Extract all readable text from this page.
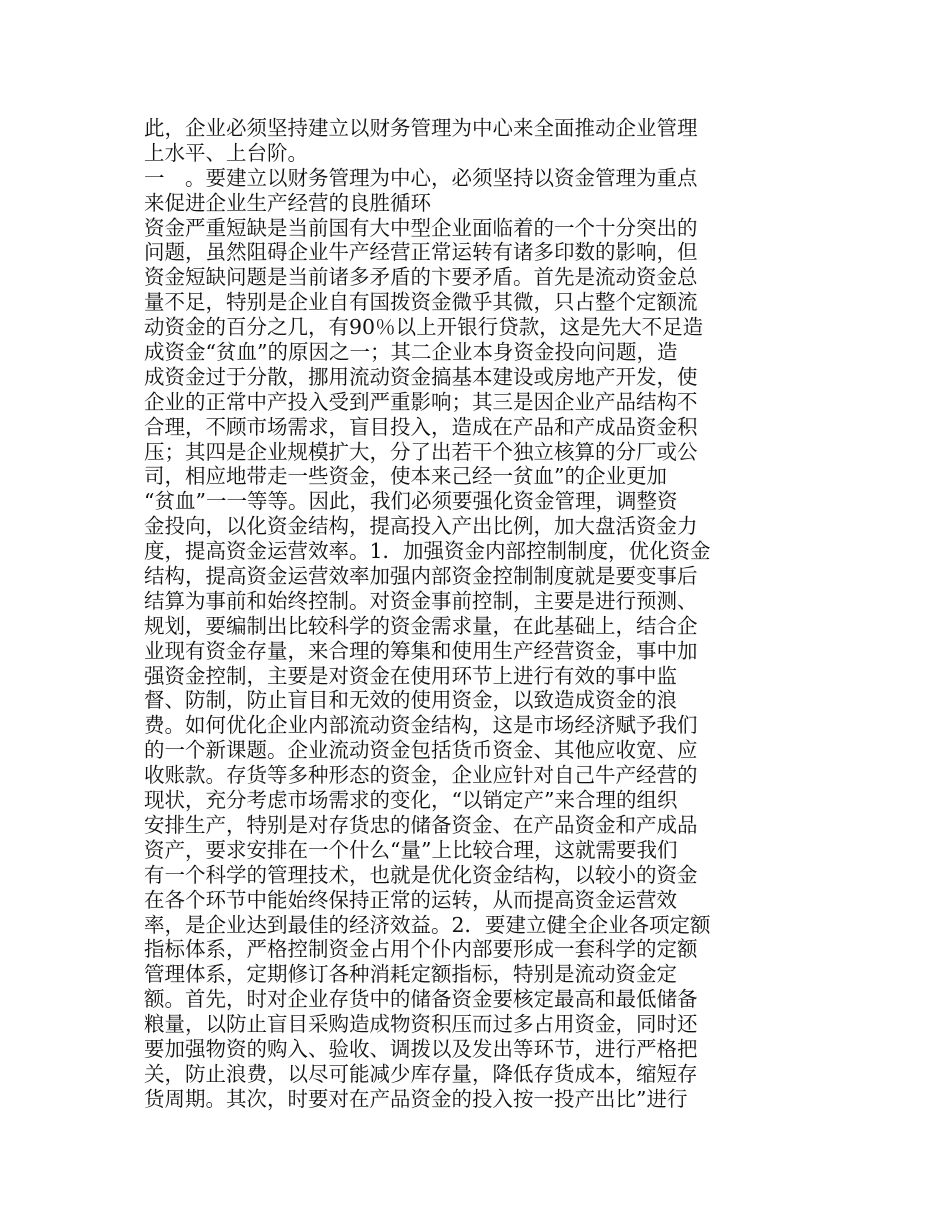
此，企业必须坚持建立以财务管理为中心来全面推动企业管理
上水平、上台阶。
一　。要建立以财务管理为中心，必须坚持以资金管理为重点
来促进企业生产经营的良胜循环
资金严重短缺是当前国有大中型企业面临着的一个十分突出的
问题，虽然阻碍企业牛产经营正常运转有诸多印数的影响，但
资金短缺问题是当前诸多矛盾的卞要矛盾。首先是流动资金总
量不足，特别是企业自有国拨资金微乎其微，只占整个定额流
动资金的百分之几，有90％以上开银行贷款，这是先大不足造
成资金“贫血”的原因之一；其二企业本身资金投向问题，造
成资金过于分散，挪用流动资金搞基本建设或房地产开发，使
企业的正常中产投入受到严重影响；其三是因企业产品结构不
合理，不顾市场需求，盲目投入，造成在产品和产成品资金积
压；其四是企业规模扩大，分了出若干个独立核算的分厂或公
司，相应地带走一些资金，使本来己经一贫血”的企业更加
“贫血”一一等等。因此，我们必须要强化资金管理，调整资
金投向，以化资金结构，提高投入产出比例，加大盘活资金力
度，提高资金运营效率。1．加强资金内部控制制度，优化资金
结构，提高资金运营效率加强内部资金控制制度就是要变事后
结算为事前和始终控制。对资金事前控制，主要是进行预测、
规划，要编制出比较科学的资金需求量，在此基础上，结合企
业现有资金存量，来合理的筹集和使用生产经营资金，事中加
强资金控制，主要是对资金在使用环节上进行有效的事中监
督、防制，防止盲目和无效的使用资金，以致造成资金的浪
费。如何优化企业内部流动资金结构，这是市场经济赋予我们
的一个新课题。企业流动资金包括货币资金、其他应收宽、应
收账款。存货等多种形态的资金，企业应针对自己牛产经营的
现状，充分考虑市场需求的变化，“以销定产”来合理的组织
安排生产，特别是对存货忠的储备资金、在产品资金和产成品
资产，要求安排在一个什么“量”上比较合理，这就需要我们
有一个科学的管理技术，也就是优化资金结构，以较小的资金
在各个环节中能始终保持正常的运转，从而提高资金运营效
率，是企业达到最佳的经济效益。2．要建立健全企业各项定额
指标体系，严格控制资金占用个仆内部要形成一套科学的定额
管理体系，定期修订各种消耗定额指标，特别是流动资金定
额。首先，时对企业存货中的储备资金要核定最高和最低储备
粮量，以防止盲目采购造成物资积压而过多占用资金，同时还
要加强物资的购入、验收、调拨以及发出等环节，进行严格把
关，防止浪费，以尽可能减少库存量，降低存货成本，缩短存
货周期。其次，时要对在产品资金的投入按一投产出比”进行
